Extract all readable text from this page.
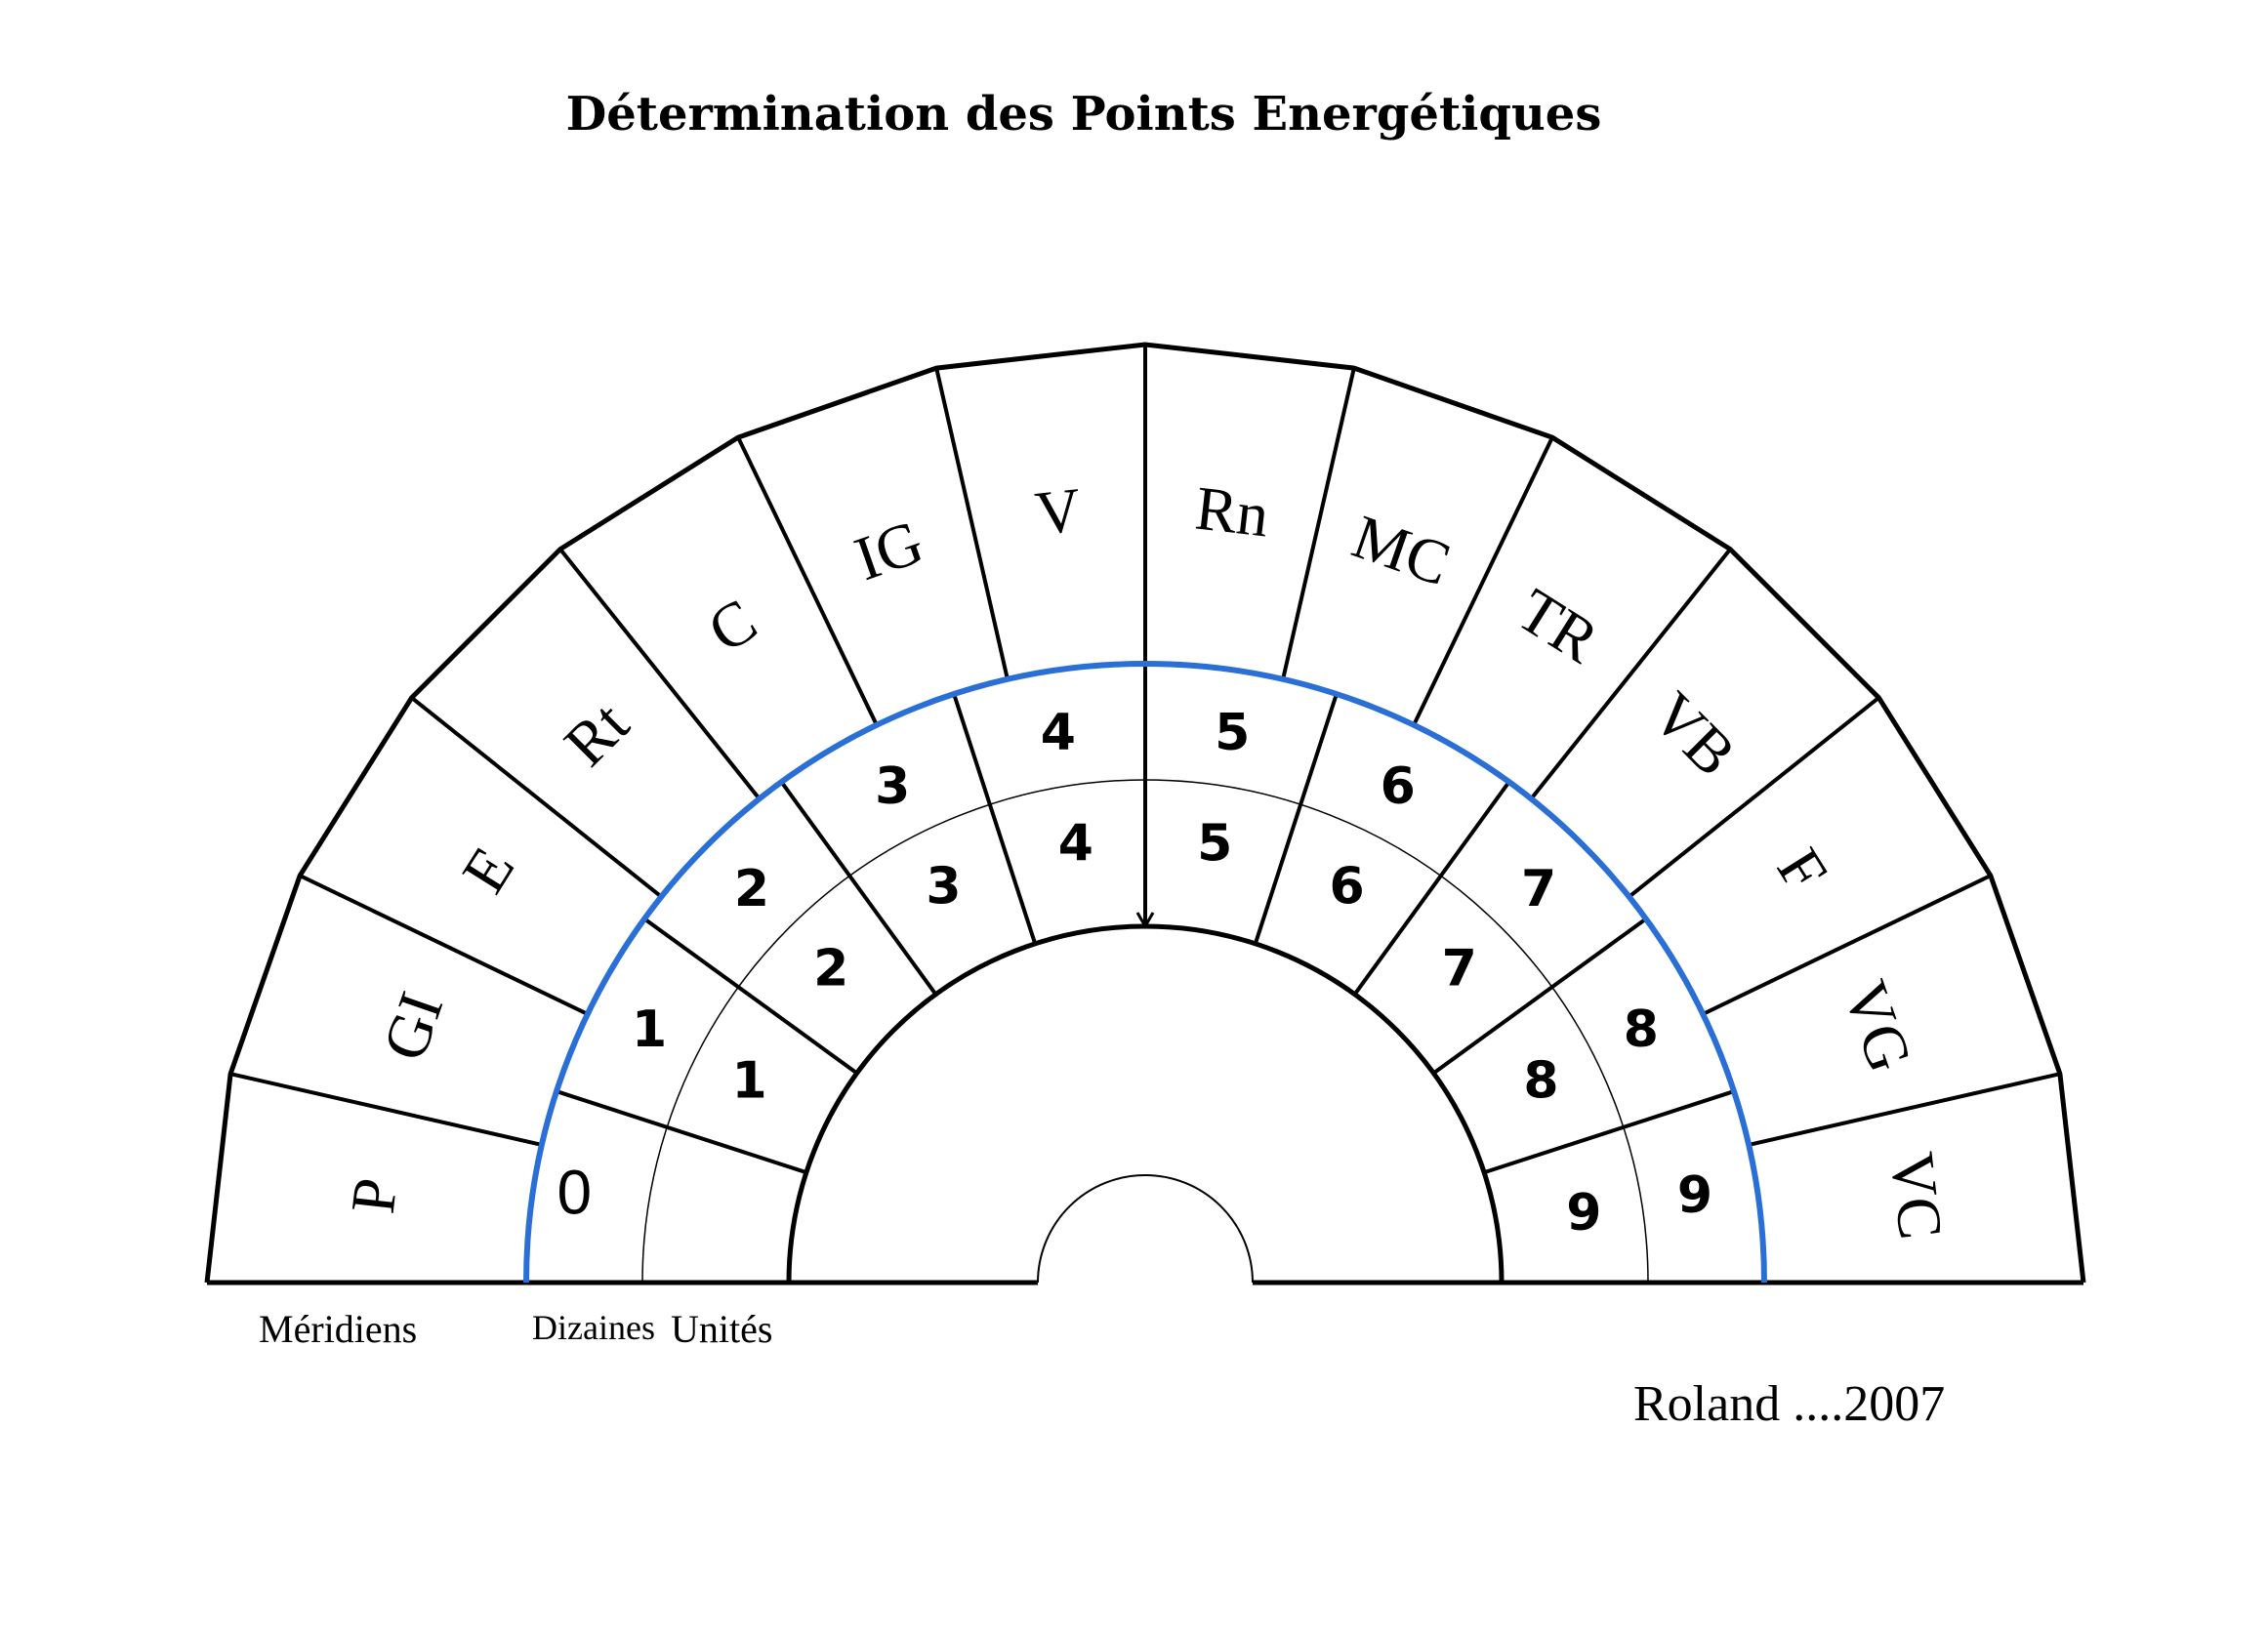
Détermination des Points Energétiques
P
GI
E
Rt
C
IG V Rn MC
TR
VB
F
VG
VC
0
1
2
3
4	5
6
7
8
9
1
2
3
4 5
6
7
8
9
Méridiens	Dizaines Unités
Roland ....2007
